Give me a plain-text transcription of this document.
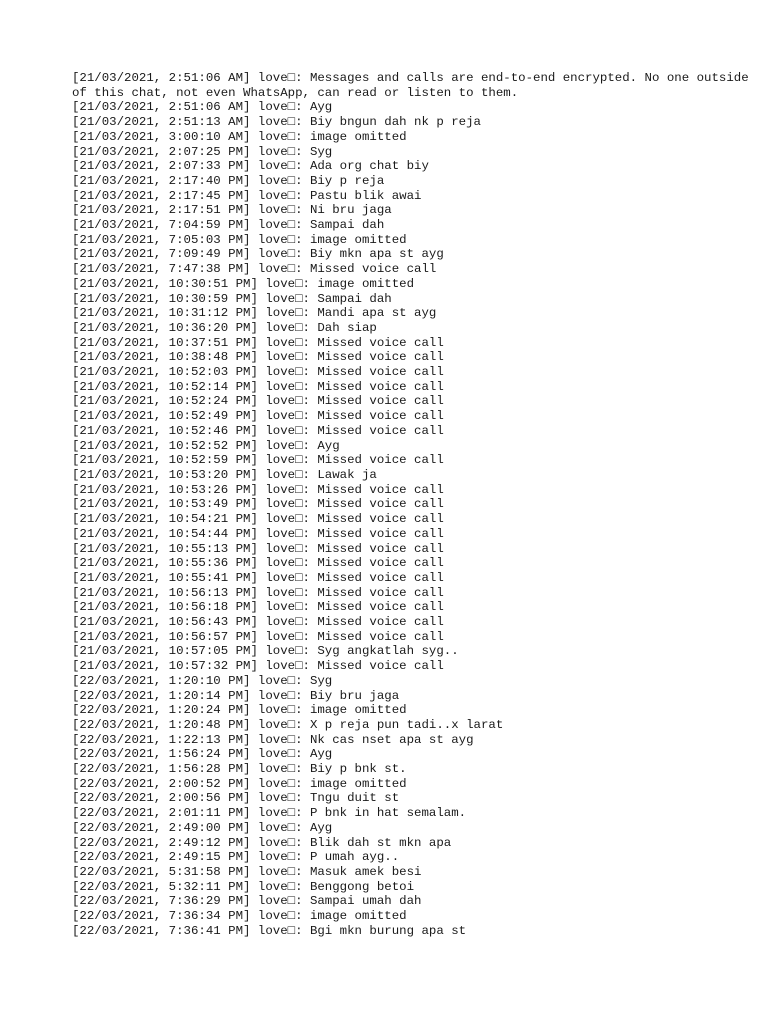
[21/03/2021, 2:51:06 AM] love□: Messages and calls are end-to-end encrypted. No one outside of this chat, not even WhatsApp, can read or listen to them.
[21/03/2021, 2:51:06 AM] love□: Ayg
[21/03/2021, 2:51:13 AM] love□: Biy bngun dah nk p reja
[21/03/2021, 3:00:10 AM] love□: image omitted
[21/03/2021, 2:07:25 PM] love□: Syg
[21/03/2021, 2:07:33 PM] love□: Ada org chat biy
[21/03/2021, 2:17:40 PM] love□: Biy p reja
[21/03/2021, 2:17:45 PM] love□: Pastu blik awai
[21/03/2021, 2:17:51 PM] love□: Ni bru jaga
[21/03/2021, 7:04:59 PM] love□: Sampai dah
[21/03/2021, 7:05:03 PM] love□: image omitted
[21/03/2021, 7:09:49 PM] love□: Biy mkn apa st ayg
[21/03/2021, 7:47:38 PM] love□: Missed voice call
[21/03/2021, 10:30:51 PM] love□: image omitted
[21/03/2021, 10:30:59 PM] love□: Sampai dah
[21/03/2021, 10:31:12 PM] love□: Mandi apa st ayg
[21/03/2021, 10:36:20 PM] love□: Dah siap
[21/03/2021, 10:37:51 PM] love□: Missed voice call
[21/03/2021, 10:38:48 PM] love□: Missed voice call
[21/03/2021, 10:52:03 PM] love□: Missed voice call
[21/03/2021, 10:52:14 PM] love□: Missed voice call
[21/03/2021, 10:52:24 PM] love□: Missed voice call
[21/03/2021, 10:52:49 PM] love□: Missed voice call
[21/03/2021, 10:52:46 PM] love□: Missed voice call
[21/03/2021, 10:52:52 PM] love□: Ayg
[21/03/2021, 10:52:59 PM] love□: Missed voice call
[21/03/2021, 10:53:20 PM] love□: Lawak ja
[21/03/2021, 10:53:26 PM] love□: Missed voice call
[21/03/2021, 10:53:49 PM] love□: Missed voice call
[21/03/2021, 10:54:21 PM] love□: Missed voice call
[21/03/2021, 10:54:44 PM] love□: Missed voice call
[21/03/2021, 10:55:13 PM] love□: Missed voice call
[21/03/2021, 10:55:36 PM] love□: Missed voice call
[21/03/2021, 10:55:41 PM] love□: Missed voice call
[21/03/2021, 10:56:13 PM] love□: Missed voice call
[21/03/2021, 10:56:18 PM] love□: Missed voice call
[21/03/2021, 10:56:43 PM] love□: Missed voice call
[21/03/2021, 10:56:57 PM] love□: Missed voice call
[21/03/2021, 10:57:05 PM] love□: Syg angkatlah syg..
[21/03/2021, 10:57:32 PM] love□: Missed voice call
[22/03/2021, 1:20:10 PM] love□: Syg
[22/03/2021, 1:20:14 PM] love□: Biy bru jaga
[22/03/2021, 1:20:24 PM] love□: image omitted
[22/03/2021, 1:20:48 PM] love□: X p reja pun tadi..x larat
[22/03/2021, 1:22:13 PM] love□: Nk cas nset apa st ayg
[22/03/2021, 1:56:24 PM] love□: Ayg
[22/03/2021, 1:56:28 PM] love□: Biy p bnk st.
[22/03/2021, 2:00:52 PM] love□: image omitted
[22/03/2021, 2:00:56 PM] love□: Tngu duit st
[22/03/2021, 2:01:11 PM] love□: P bnk in hat semalam.
[22/03/2021, 2:49:00 PM] love□: Ayg
[22/03/2021, 2:49:12 PM] love□: Blik dah st mkn apa
[22/03/2021, 2:49:15 PM] love□: P umah ayg..
[22/03/2021, 5:31:58 PM] love□: Masuk amek besi
[22/03/2021, 5:32:11 PM] love□: Benggong betoi
[22/03/2021, 7:36:29 PM] love□: Sampai umah dah
[22/03/2021, 7:36:34 PM] love□: image omitted
[22/03/2021, 7:36:41 PM] love□: Bgi mkn burung apa st
